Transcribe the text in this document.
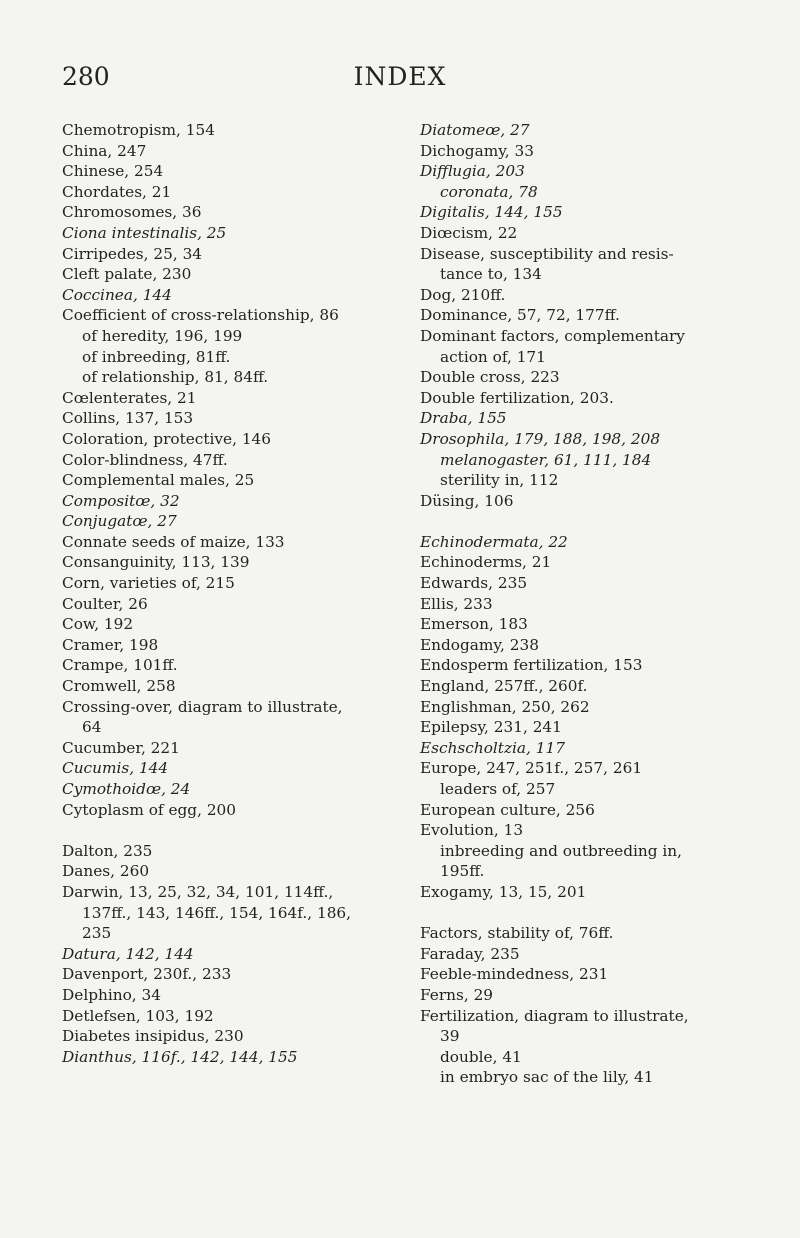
280	INDEX
Chemotropism, 154
China, 247
Chinese, 254
Chordates, 21
Chromosomes, 36
Ciona intestinalis, 25
Cirripedes, 25, 34
Cleft palate, 230
Coccinea, 144
Coefficient of cross-relationship, 86
of heredity, 196, 199
of inbreeding, 81ff.
of relationship, 81, 84ff.
Cœlenterates, 21
Collins, 137, 153
Coloration, protective, 146
Color-blindness, 47ff.
Complemental males, 25
Compositœ, 32
Conjugatœ, 27
Connate seeds of maize, 133
Consanguinity, 113, 139
Corn, varieties of, 215
Coulter, 26
Cow, 192
Cramer, 198
Crampe, 101ff.
Cromwell, 258
Crossing-over, diagram to illustrate,
64
Cucumber, 221
Cucumis, 144
Cymothoidœ, 24
Cytoplasm of egg, 200
Dalton, 235
Danes, 260
Darwin, 13, 25, 32, 34, 101, 114ff.,
137ff., 143, 146ff., 154, 164f., 186,
235
Datura, 142, 144
Davenport, 230f., 233
Delphino, 34
Detlefsen, 103, 192
Diabetes insipidus, 230
Dianthus, 116f., 142, 144, 155
Diatomeœ, 27
Dichogamy, 33
Difflugia, 203
coronata, 78
Digitalis, 144, 155
Diœcism, 22
Disease, susceptibility and resis-
tance to, 134
Dog, 210ff.
Dominance, 57, 72, 177ff.
Dominant factors, complementary
action of, 171
Double cross, 223
Double fertilization, 203.
Draba, 155
Drosophila, 179, 188, 198, 208
melanogaster, 61, 111, 184
sterility in, 112
Düsing, 106
Echinodermata, 22
Echinoderms, 21
Edwards, 235
Ellis, 233
Emerson, 183
Endogamy, 238
Endosperm fertilization, 153
England, 257ff., 260f.
Englishman, 250, 262
Epilepsy, 231, 241
Eschscholtzia, 117
Europe, 247, 251f., 257, 261
leaders of, 257
European culture, 256
Evolution, 13
inbreeding and outbreeding in,
195ff.
Exogamy, 13, 15, 201
Factors, stability of, 76ff.
Faraday, 235
Feeble-mindedness, 231
Ferns, 29
Fertilization, diagram to illustrate,
39
double, 41
in embryo sac of the lily, 41
